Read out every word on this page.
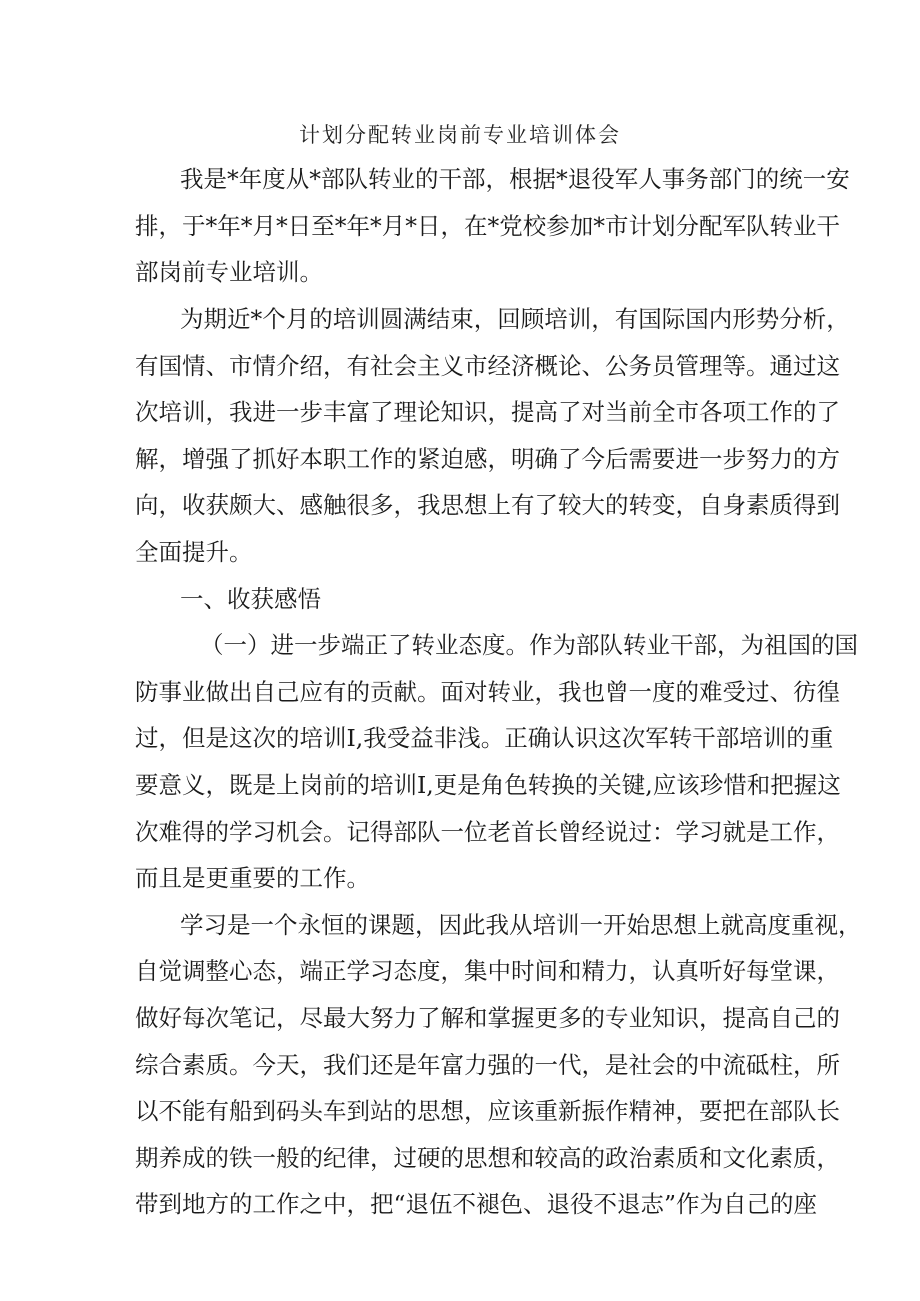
计划分配转业岗前专业培训体会
我是*年度从*部队转业的干部，根据*退役军人事务部门的统一安
排，于*年*月*日至*年*月*日，在*党校参加*市计划分配军队转业干
部岗前专业培训。
为期近*个月的培训圆满结束，回顾培训，有国际国内形势分析，
有国情、市情介绍，有社会主义市经济概论、公务员管理等。通过这
次培训，我进一步丰富了理论知识，提高了对当前全市各项工作的了
解，增强了抓好本职工作的紧迫感，明确了今后需要进一步努力的方
向，收获颇大、感触很多，我思想上有了较大的转变，自身素质得到
全面提升。
一、收获感悟
（一）进一步端正了转业态度。作为部队转业干部，为祖国的国
防事业做出自己应有的贡献。面对转业，我也曾一度的难受过、彷徨
过，但是这次的培训Ⅰ,我受益非浅。正确认识这次军转干部培训的重
要意义，既是上岗前的培训Ⅰ,更是角色转换的关键,应该珍惜和把握这
次难得的学习机会。记得部队一位老首长曾经说过：学习就是工作，
而且是更重要的工作。
学习是一个永恒的课题，因此我从培训一开始思想上就高度重视，
自觉调整心态，端正学习态度，集中时间和精力，认真听好每堂课，
做好每次笔记，尽最大努力了解和掌握更多的专业知识，提高自己的
综合素质。今天，我们还是年富力强的一代，是社会的中流砥柱，所
以不能有船到码头车到站的思想，应该重新振作精神，要把在部队长
期养成的铁一般的纪律，过硬的思想和较高的政治素质和文化素质，
带到地方的工作之中，把“退伍不褪色、退役不退志”作为自己的座
